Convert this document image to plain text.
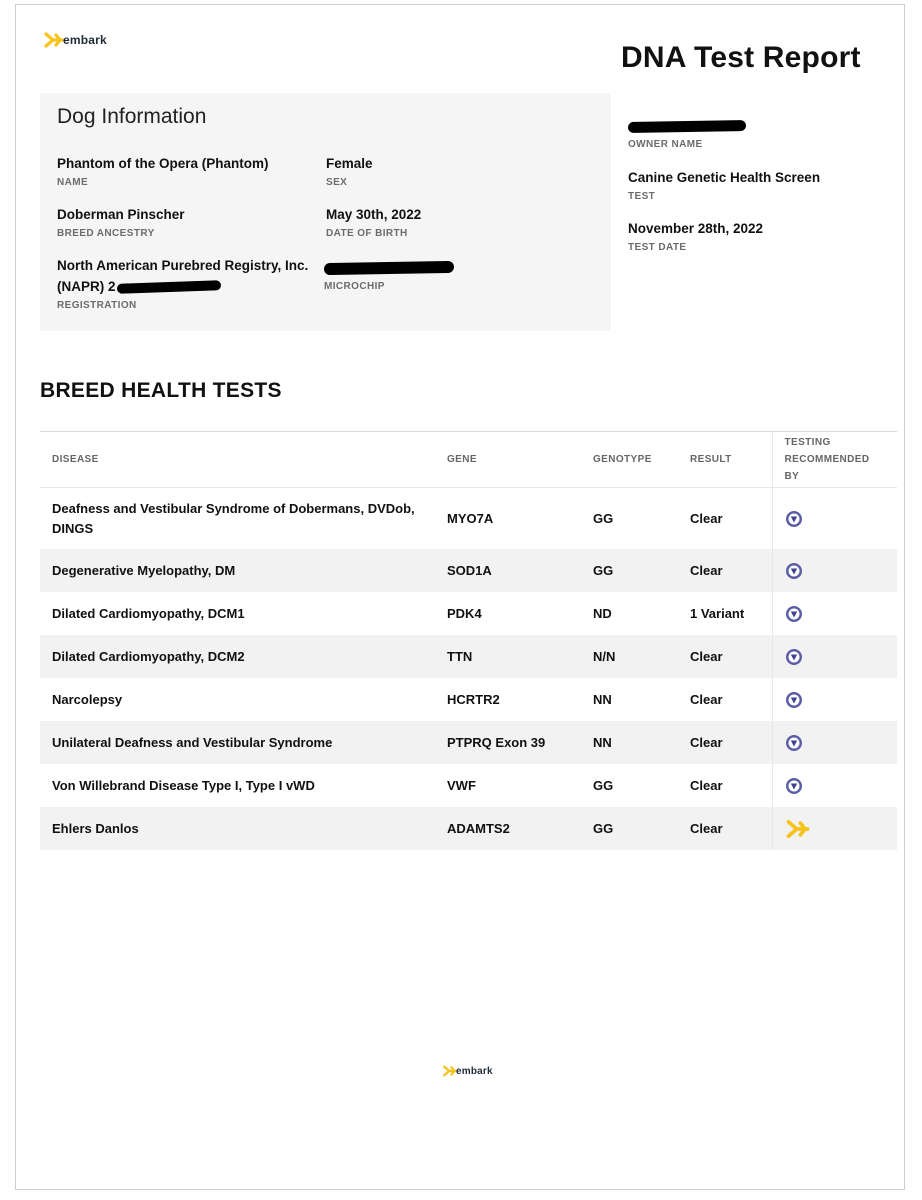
embark
DNA Test Report
Dog Information
Phantom of the Opera (Phantom)
NAME
Female
SEX
Doberman Pinscher
BREED ANCESTRY
May 30th, 2022
DATE OF BIRTH
North American Purebred Registry, Inc.
(NAPR) 2
REGISTRATION
MICROCHIP
OWNER NAME
Canine Genetic Health Screen
TEST
November 28th, 2022
TEST DATE
BREED HEALTH TESTS
DISEASE	GENE	GENOTYPE	RESULT	TESTING RECOMMENDED BY
Deafness and Vestibular Syndrome of Dobermans, DVDob, DINGS	MYO7A	GG	Clear	
Degenerative Myelopathy, DM	SOD1A	GG	Clear	
Dilated Cardiomyopathy, DCM1	PDK4	ND	1 Variant	
Dilated Cardiomyopathy, DCM2	TTN	N/N	Clear	
Narcolepsy	HCRTR2	NN	Clear	
Unilateral Deafness and Vestibular Syndrome	PTPRQ Exon 39	NN	Clear	
Von Willebrand Disease Type I, Type I vWD	VWF	GG	Clear	
Ehlers Danlos	ADAMTS2	GG	Clear	
embark
